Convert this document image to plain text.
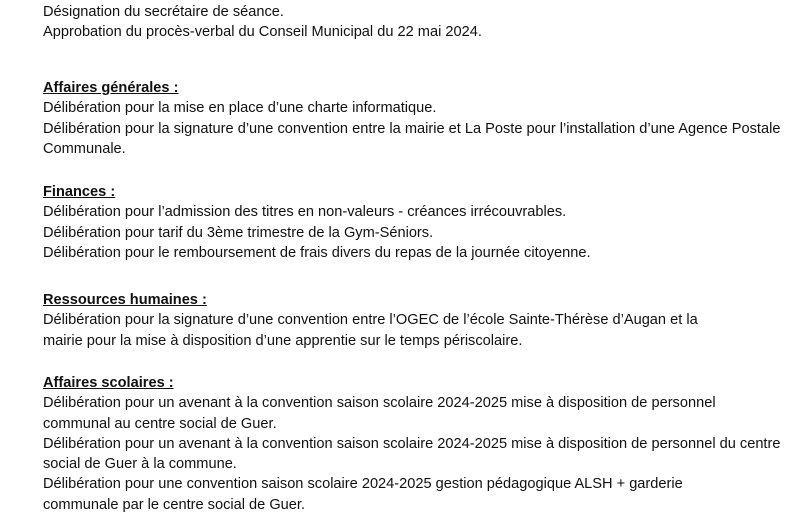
Désignation du secrétaire de séance.
Approbation du procès-verbal du Conseil Municipal du 22 mai 2024.
Affaires générales :
Délibération pour la mise en place d’une charte informatique.
Délibération pour la signature d’une convention entre la mairie et La Poste pour l’installation d’une Agence Postale Communale.
Finances :
Délibération pour l’admission des titres en non-valeurs - créances irrécouvrables.
Délibération pour tarif du 3ème trimestre de la Gym-Séniors.
Délibération pour le remboursement de frais divers du repas de la journée citoyenne.
Ressources humaines :
Délibération pour la signature d’une convention entre l’OGEC de l’école Sainte-Thérèse d’Augan et la mairie pour la mise à disposition d’une apprentie sur le temps périscolaire.
Affaires scolaires :
Délibération pour un avenant à la convention saison scolaire 2024-2025 mise à disposition de personnel communal au centre social de Guer.
Délibération pour un avenant à la convention saison scolaire 2024-2025 mise à disposition de personnel du centre social de Guer à la commune.
Délibération pour une convention saison scolaire 2024-2025 gestion pédagogique ALSH + garderie communale par le centre social de Guer.
